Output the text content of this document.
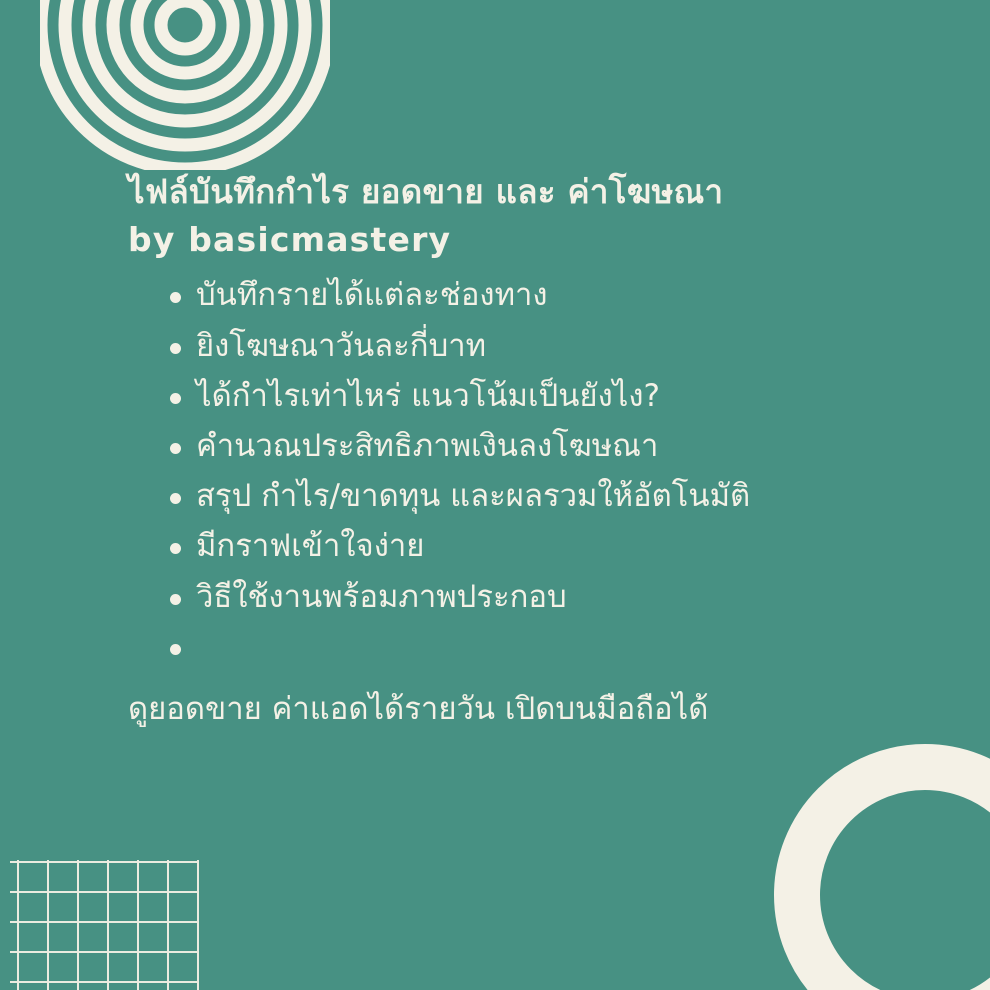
ไฟล์บันทึกกำไร ยอดขาย และ ค่าโฆษณา
by basicmastery
บันทึกรายได้แต่ละช่องทาง
ยิงโฆษณาวันละกี่บาท
ได้กำไรเท่าไหร่ แนวโน้มเป็นยังไง?
คำนวณประสิทธิภาพเงินลงโฆษณา
สรุป กำไร/ขาดทุน และผลรวมให้อัตโนมัติ
มีกราฟเข้าใจง่าย
วิธีใช้งานพร้อมภาพประกอบ
ดูยอดขาย ค่าแอดได้รายวัน เปิดบนมือถือได้
